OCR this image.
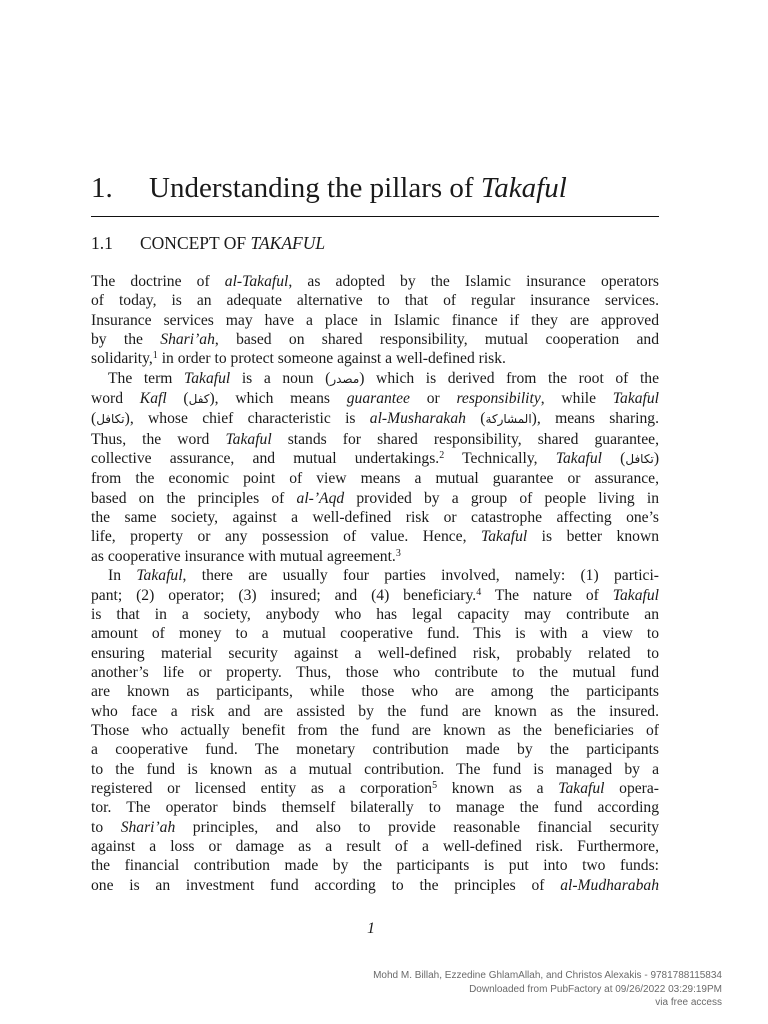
1. Understanding the pillars of Takaful
1.1 CONCEPT OF TAKAFUL
The doctrine of al-Takaful, as adopted by the Islamic insurance operators
of today, is an adequate alternative to that of regular insurance services.
Insurance services may have a place in Islamic finance if they are approved
by the Shari’ah, based on shared responsibility, mutual cooperation and
solidarity,$^1$ in order to protect someone against a well-defined risk.
The term Takaful is a noun (مصدر) which is derived from the root of the
word Kafl (كفل), which means guarantee or responsibility, while Takaful
(تكافل), whose chief characteristic is al-Musharakah (المشاركة), means sharing.
Thus, the word Takaful stands for shared responsibility, shared guarantee,
collective assurance, and mutual undertakings.$^2$ Technically, Takaful (تكافل)
from the economic point of view means a mutual guarantee or assurance,
based on the principles of al-’Aqd provided by a group of people living in
the same society, against a well-defined risk or catastrophe affecting one’s
life, property or any possession of value. Hence, Takaful is better known
as cooperative insurance with mutual agreement.$^3$
In Takaful, there are usually four parties involved, namely: (1) partici-
pant; (2) operator; (3) insured; and (4) beneficiary.$^4$ The nature of Takaful
is that in a society, anybody who has legal capacity may contribute an
amount of money to a mutual cooperative fund. This is with a view to
ensuring material security against a well-defined risk, probably related to
another’s life or property. Thus, those who contribute to the mutual fund
are known as participants, while those who are among the participants
who face a risk and are assisted by the fund are known as the insured.
Those who actually benefit from the fund are known as the beneficiaries of
a cooperative fund. The monetary contribution made by the participants
to the fund is known as a mutual contribution. The fund is managed by a
registered or licensed entity as a corporation$^5$ known as a Takaful opera-
tor. The operator binds themself bilaterally to manage the fund according
to Shari’ah principles, and also to provide reasonable financial security
against a loss or damage as a result of a well-defined risk. Furthermore,
the financial contribution made by the participants is put into two funds:
one is an investment fund according to the principles of al-Mudharabah
1
Mohd M. Billah, Ezzedine GhlamAllah, and Christos Alexakis - 9781788115834
Downloaded from PubFactory at 09/26/2022 03:29:19PM
via free access
